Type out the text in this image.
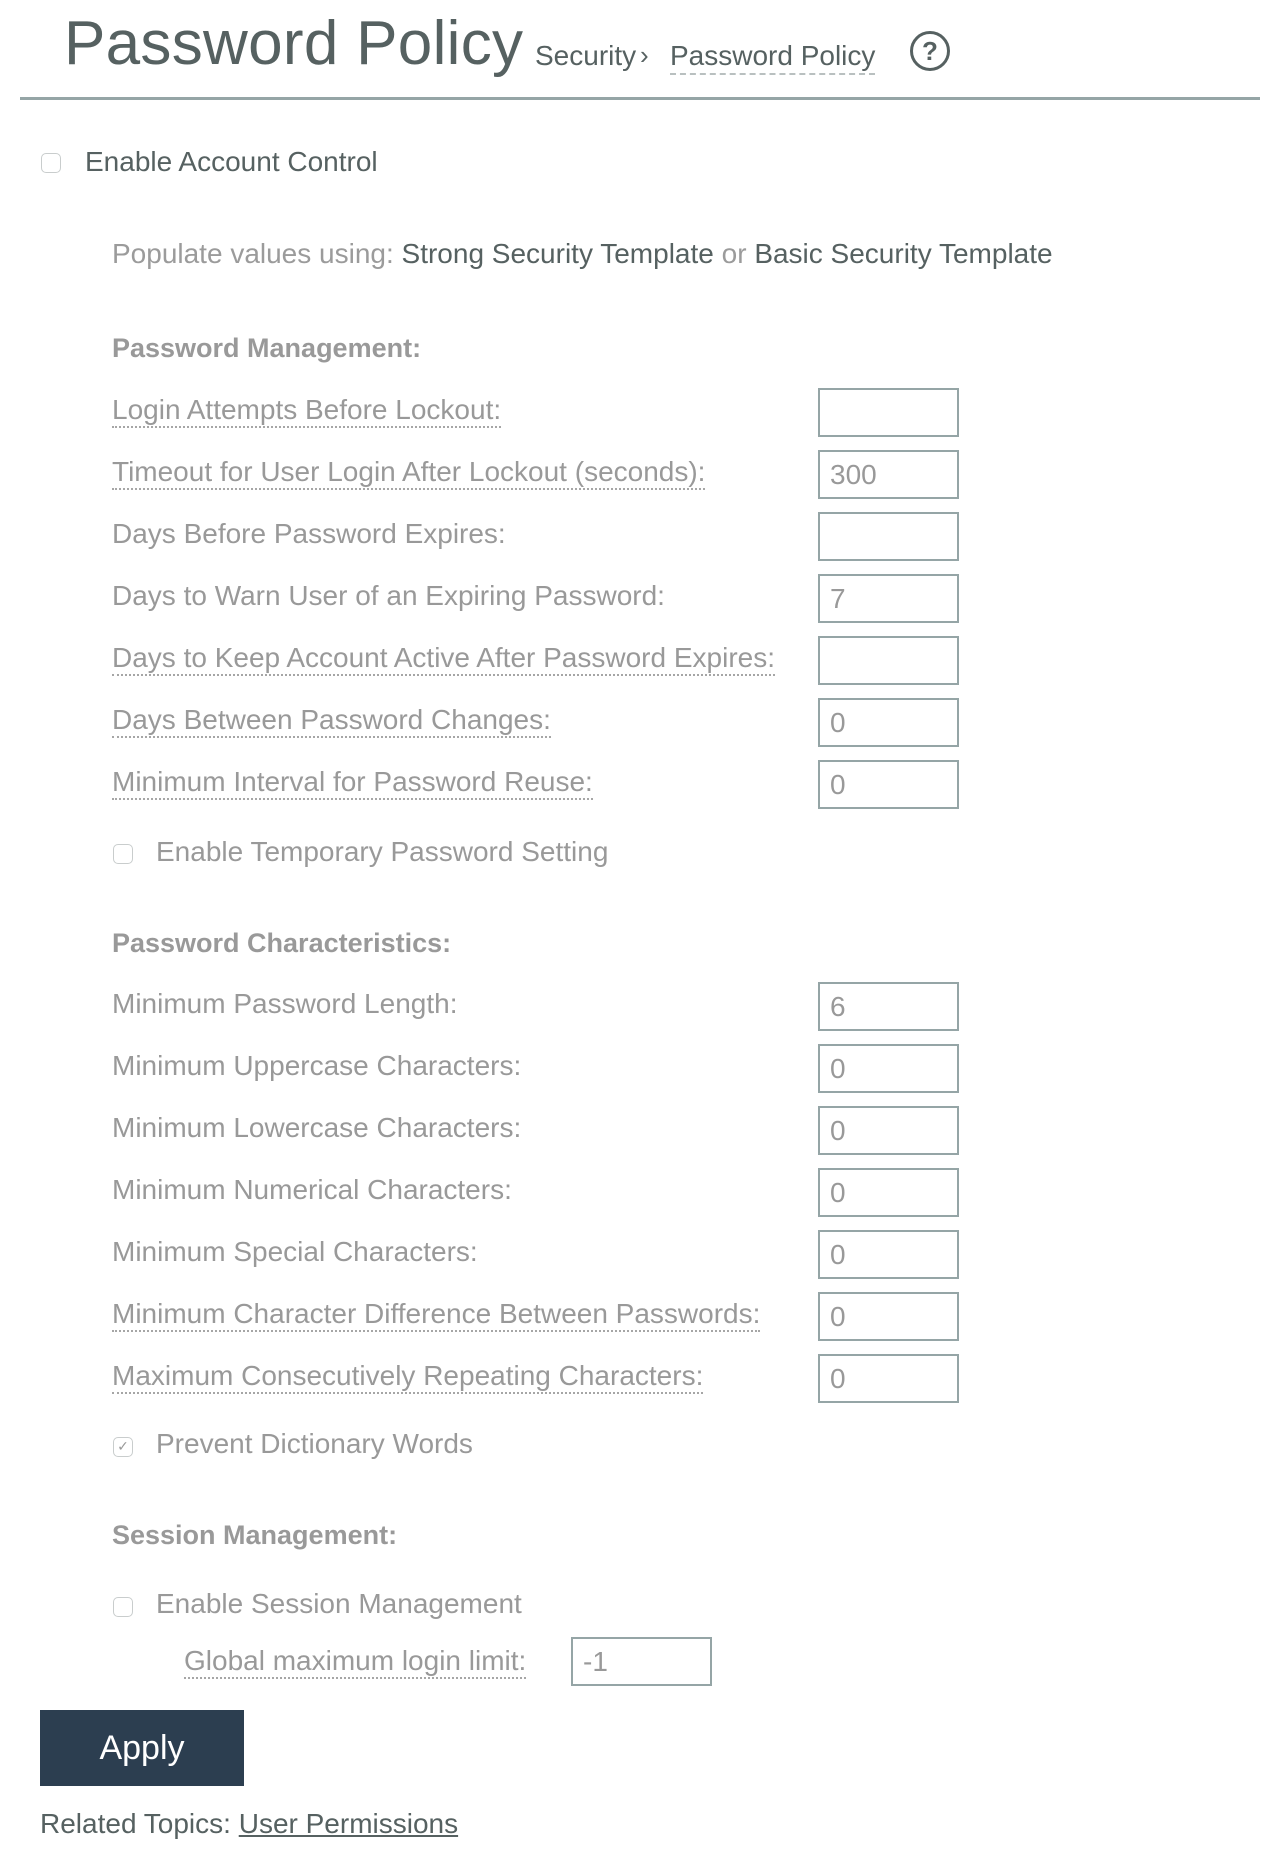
Password Policy Security › Password Policy	?
Enable Account Control
Populate values using: Strong Security Template or Basic Security Template
Password Management:
Login Attempts Before Lockout:
Timeout for User Login After Lockout (seconds):
300
Days Before Password Expires:
Days to Warn User of an Expiring Password:
7
Days to Keep Account Active After Password Expires:
Days Between Password Changes:
0
Minimum Interval for Password Reuse:
0
Enable Temporary Password Setting
Password Characteristics:
Minimum Password Length:
6
Minimum Uppercase Characters:
0
Minimum Lowercase Characters:
0
Minimum Numerical Characters:
0
Minimum Special Characters:
0
Minimum Character Difference Between Passwords:
0
Maximum Consecutively Repeating Characters:
0
✓ Prevent Dictionary Words
Session Management:
Enable Session Management
Global maximum login limit:
-1
Apply
Related Topics: User Permissions
